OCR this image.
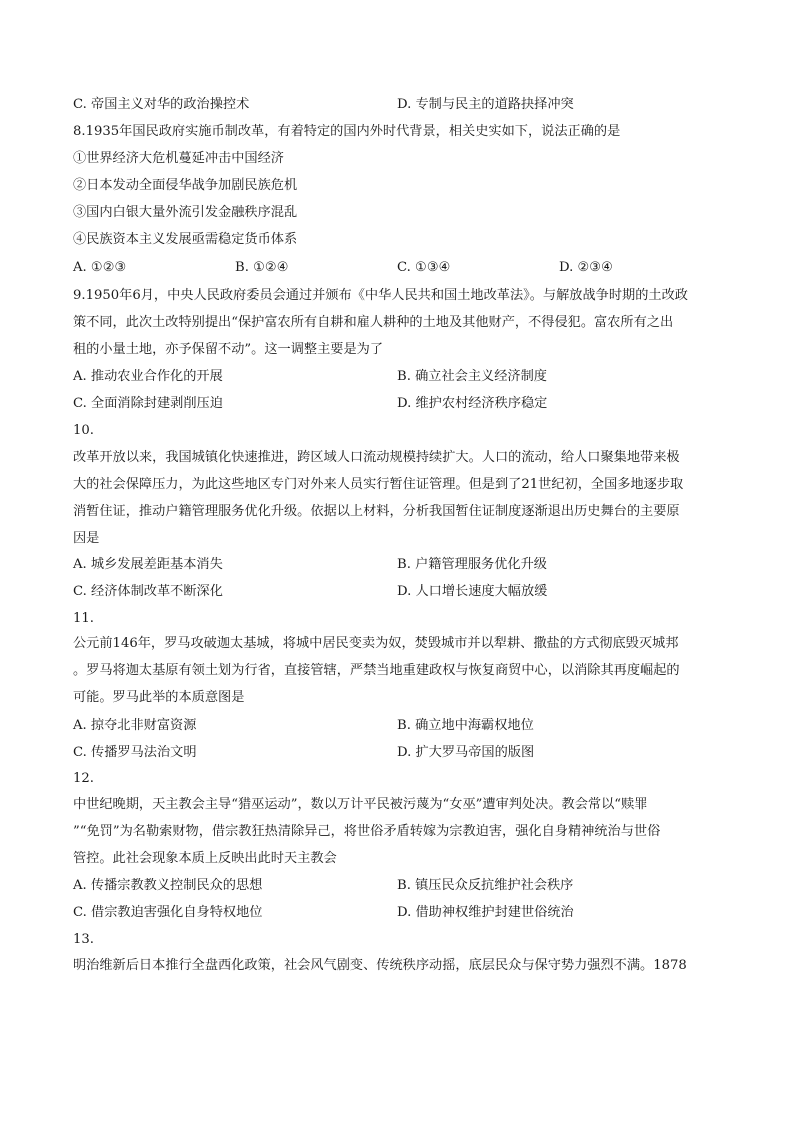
C. 帝国主义对华的政治操控术	D. 专制与民主的道路抉择冲突
8.1935年国民政府实施币制改革，有着特定的国内外时代背景，相关史实如下，说法正确的是
①世界经济大危机蔓延冲击中国经济
②日本发动全面侵华战争加剧民族危机
③国内白银大量外流引发金融秩序混乱
④民族资本主义发展亟需稳定货币体系
A. ①②③	B. ①②④	C. ①③④	D. ②③④
9.1950年6月，中央人民政府委员会通过并颁布《中华人民共和国土地改革法》。与解放战争时期的土改政
策不同，此次土改特别提出“保护富农所有自耕和雇人耕种的土地及其他财产，不得侵犯。富农所有之出
租的小量土地，亦予保留不动”。这一调整主要是为了
A. 推动农业合作化的开展	B. 确立社会主义经济制度
C. 全面消除封建剥削压迫	D. 维护农村经济秩序稳定
10.
改革开放以来，我国城镇化快速推进，跨区域人口流动规模持续扩大。人口的流动，给人口聚集地带来极
大的社会保障压力，为此这些地区专门对外来人员实行暂住证管理。但是到了21世纪初，全国多地逐步取
消暂住证，推动户籍管理服务优化升级。依据以上材料，分析我国暂住证制度逐渐退出历史舞台的主要原
因是
A. 城乡发展差距基本消失	B. 户籍管理服务优化升级
C. 经济体制改革不断深化	D. 人口增长速度大幅放缓
11.
公元前146年，罗马攻破迦太基城，将城中居民变卖为奴，焚毁城市并以犁耕、撒盐的方式彻底毁灭城邦
。罗马将迦太基原有领土划为行省，直接管辖，严禁当地重建政权与恢复商贸中心，以消除其再度崛起的
可能。罗马此举的本质意图是
A. 掠夺北非财富资源	B. 确立地中海霸权地位
C. 传播罗马法治文明	D. 扩大罗马帝国的版图
12.
中世纪晚期，天主教会主导“猎巫运动”，数以万计平民被污蔑为“女巫”遭审判处决。教会常以“赎罪
”“免罚”为名勒索财物，借宗教狂热清除异己，将世俗矛盾转嫁为宗教迫害，强化自身精神统治与世俗
管控。此社会现象本质上反映出此时天主教会
A. 传播宗教教义控制民众的思想	B. 镇压民众反抗维护社会秩序
C. 借宗教迫害强化自身特权地位	D. 借助神权维护封建世俗统治
13.
明治维新后日本推行全盘西化政策，社会风气剧变、传统秩序动摇，底层民众与保守势力强烈不满。1878
